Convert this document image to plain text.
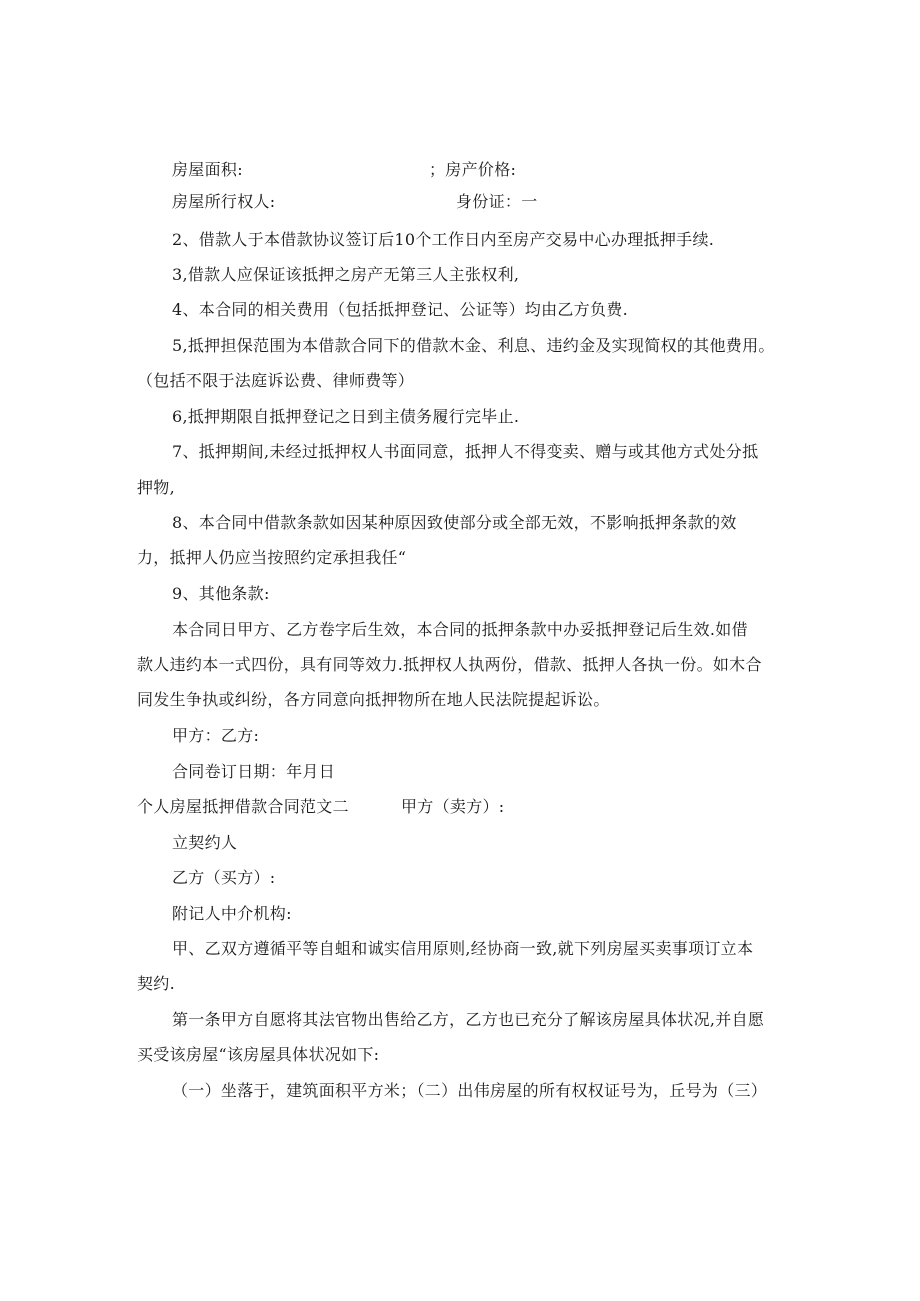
房屋面积:	；房产价格:
房屋所行权人:	身份证：一
2、借款人于本借款协议签订后10个工作日内至房产交易中心办理抵押手续.
3,借款人应保证该抵押之房产无第三人主张权利,
4、本合同的相关费用（包括抵押登记、公证等）均由乙方负费.
5,抵押担保范围为本借款合同下的借款木金、利息、违约金及实现简权的其他费用。
（包括不限于法庭诉讼费、律师费等）
6,抵押期限自抵押登记之日到主债务履行完毕止.
7、抵押期间,未经过抵押权人书面同意，抵押人不得变卖、赠与或其他方式处分抵
押物,
8、本合同中借款条款如因某种原因致使部分或全部无效，不影响抵押条款的效
力，抵押人仍应当按照约定承担我任“
9、其他条款:
本合同日甲方、乙方卷字后生效，本合同的抵押条款中办妥抵押登记后生效.如借
款人违约本一式四份，具有同等效力.抵押权人执两份，借款、抵押人各执一份。如木合
同发生争执或纠纷，各方同意向抵押物所在地人民法院提起诉讼。
甲方：乙方:
合同卷订日期：年月日
个人房屋抵押借款合同范文二	甲方（卖方）:
立契约人
乙方（买方）:
附记人中介机构:
甲、乙双方遵循平等自蛆和诚实信用原则,经协商一致,就下列房屋买卖事项订立本
契约.
第一条甲方自愿将其法官物出售给乙方，乙方也已充分了解该房屋具体状况,并自愿
买受该房屋“该房屋具体状况如下:
（一）坐落于，建筑面积平方米；（二）出伟房屋的所有权权证号为，丘号为（三）
